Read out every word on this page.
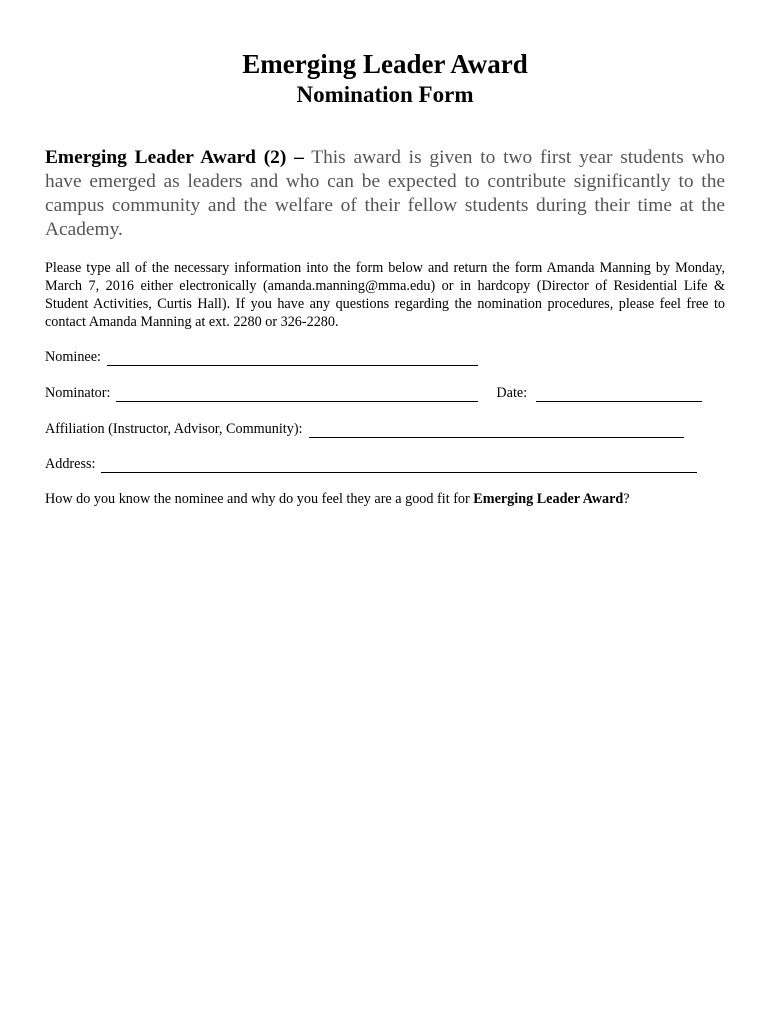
Emerging Leader Award
Nomination Form
Emerging Leader Award (2) – This award is given to two first year students who have emerged as leaders and who can be expected to contribute significantly to the campus community and the welfare of their fellow students during their time at the Academy.
Please type all of the necessary information into the form below and return the form Amanda Manning by Monday, March 7, 2016 either electronically (amanda.manning@mma.edu) or in hardcopy (Director of Residential Life & Student Activities, Curtis Hall). If you have any questions regarding the nomination procedures, please feel free to contact Amanda Manning at ext. 2280 or 326-2280.
Nominee:
Nominator:	Date:
Affiliation (Instructor, Advisor, Community):
Address:
How do you know the nominee and why do you feel they are a good fit for Emerging Leader Award?
